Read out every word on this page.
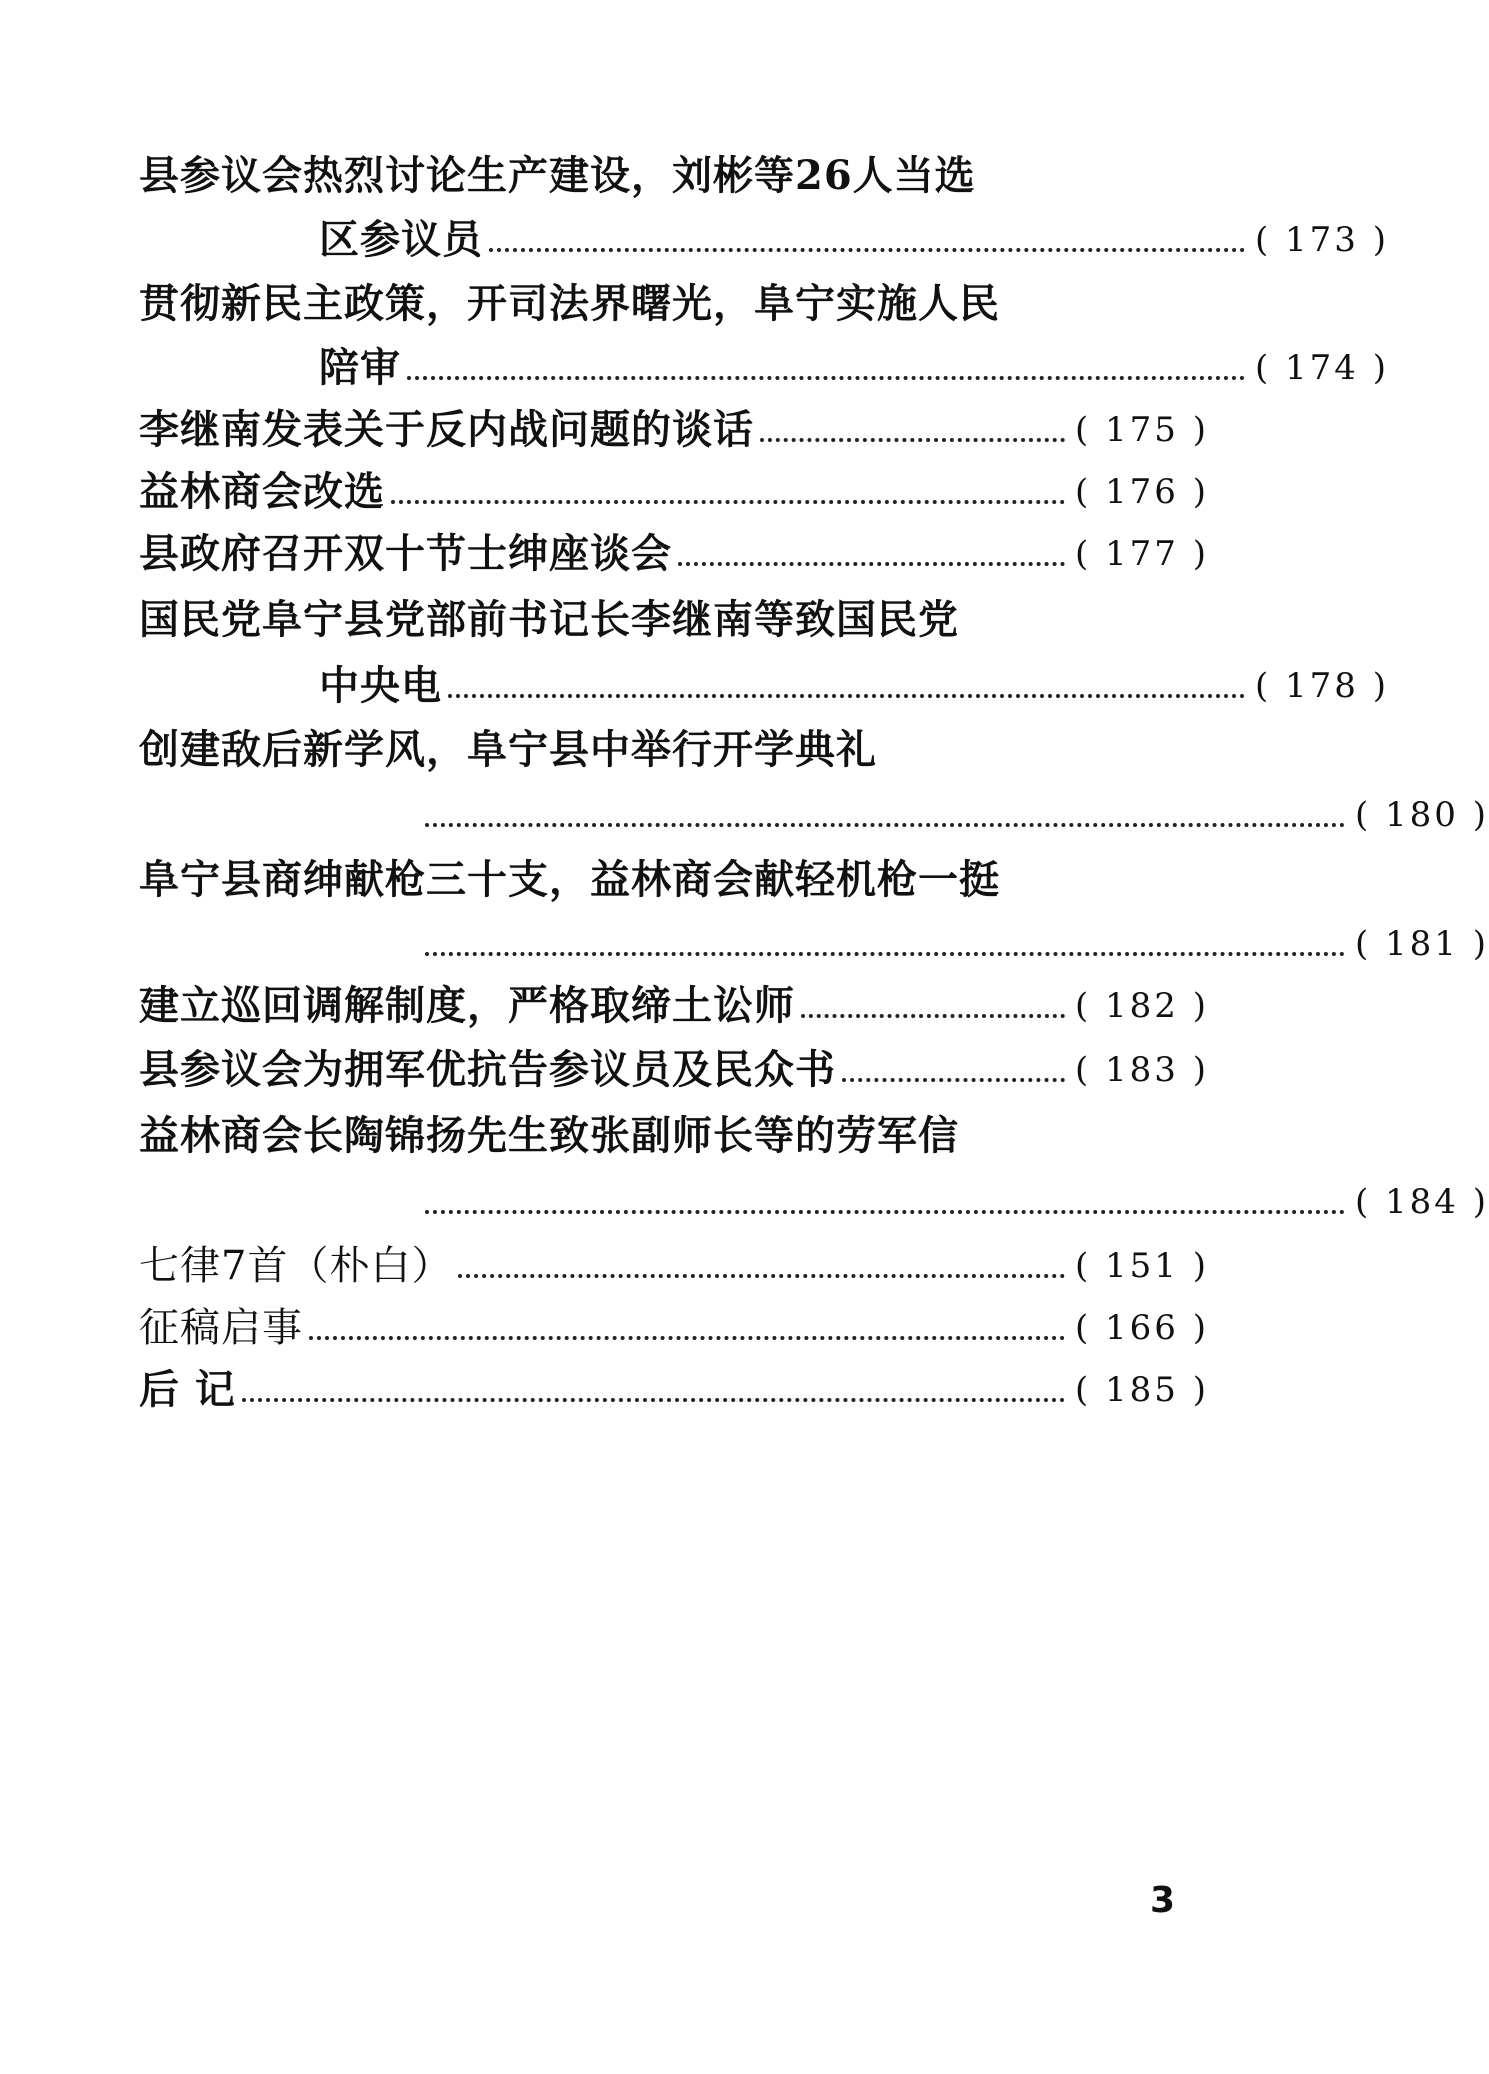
县参议会热烈讨论生产建设，刘彬等26人当选
区参议员	( 173 )
贯彻新民主政策，开司法界曙光，阜宁实施人民
陪审	( 174 )
李继南发表关于反内战问题的谈话	( 175 )
益林商会改选	( 176 )
县政府召开双十节士绅座谈会	( 177 )
国民党阜宁县党部前书记长李继南等致国民党
中央电	( 178 )
创建敌后新学风，阜宁县中举行开学典礼
( 180 )
阜宁县商绅献枪三十支，益林商会献轻机枪一挺
( 181 )
建立巡回调解制度，严格取缔土讼师	( 182 )
县参议会为拥军优抗告参议员及民众书	( 183 )
益林商会长陶锦扬先生致张副师长等的劳军信
( 184 )
七律7首（朴白）	( 151 )
征稿启事	( 166 )
后 记	( 185 )
3
